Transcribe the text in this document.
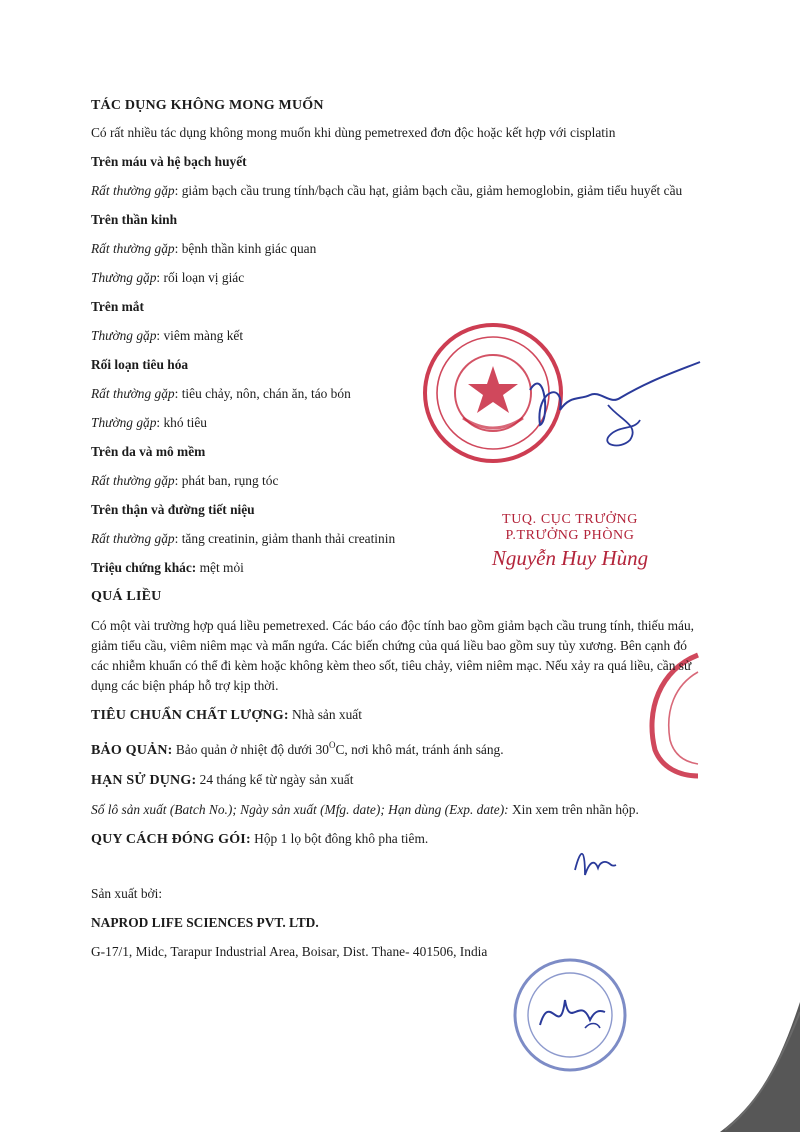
TUQ. CỤC TRƯỞNG
P.TRƯỞNG PHÒNG
Nguyễn Huy Hùng

TÁC DỤNG KHÔNG MONG MUỐN

Có rất nhiều tác dụng không mong muốn khi dùng pemetrexed đơn độc hoặc kết hợp với cisplatin

Trên máu và hệ bạch huyết

Rất thường gặp: giảm bạch cầu trung tính/bạch cầu hạt, giảm bạch cầu, giảm hemoglobin, giảm tiểu huyết cầu

Trên thần kinh

Rất thường gặp: bệnh thần kinh giác quan

Thường gặp: rối loạn vị giác

Trên mắt

Thường gặp: viêm màng kết

Rối loạn tiêu hóa

Rất thường gặp: tiêu chảy, nôn, chán ăn, táo bón

Thường gặp: khó tiêu

Trên da và mô mềm

Rất thường gặp: phát ban, rụng tóc

Trên thận và đường tiết niệu

Rất thường gặp: tăng creatinin, giảm thanh thải creatinin

Triệu chứng khác: mệt mỏi

QUÁ LIỀU

Có một vài trường hợp quá liều pemetrexed. Các báo cáo độc tính bao gồm giảm bạch cầu trung tính, thiếu máu, giảm tiểu cầu, viêm niêm mạc và mẩn ngứa. Các biến chứng của quá liều bao gồm suy tủy xương. Bên cạnh đó các nhiễm khuẩn có thể đi kèm hoặc không kèm theo sốt, tiêu chảy, viêm niêm mạc. Nếu xảy ra quá liều, cần sử dụng các biện pháp hỗ trợ kịp thời.

TIÊU CHUẨN CHẤT LƯỢNG: Nhà sản xuất

BẢO QUẢN: Bảo quản ở nhiệt độ dưới $30^OC$, nơi khô mát, tránh ánh sáng.

HẠN SỬ DỤNG: 24 tháng kể từ ngày sản xuất

Số lô sản xuất (Batch No.); Ngày sản xuất (Mfg. date); Hạn dùng (Exp. date): Xin xem trên nhãn hộp.

QUY CÁCH ĐÓNG GÓI: Hộp 1 lọ bột đông khô pha tiêm.

Sản xuất bởi:

NAPROD LIFE SCIENCES PVT. LTD.

G-17/1, Midc, Tarapur Industrial Area, Boisar, Dist. Thane- 401506, India
